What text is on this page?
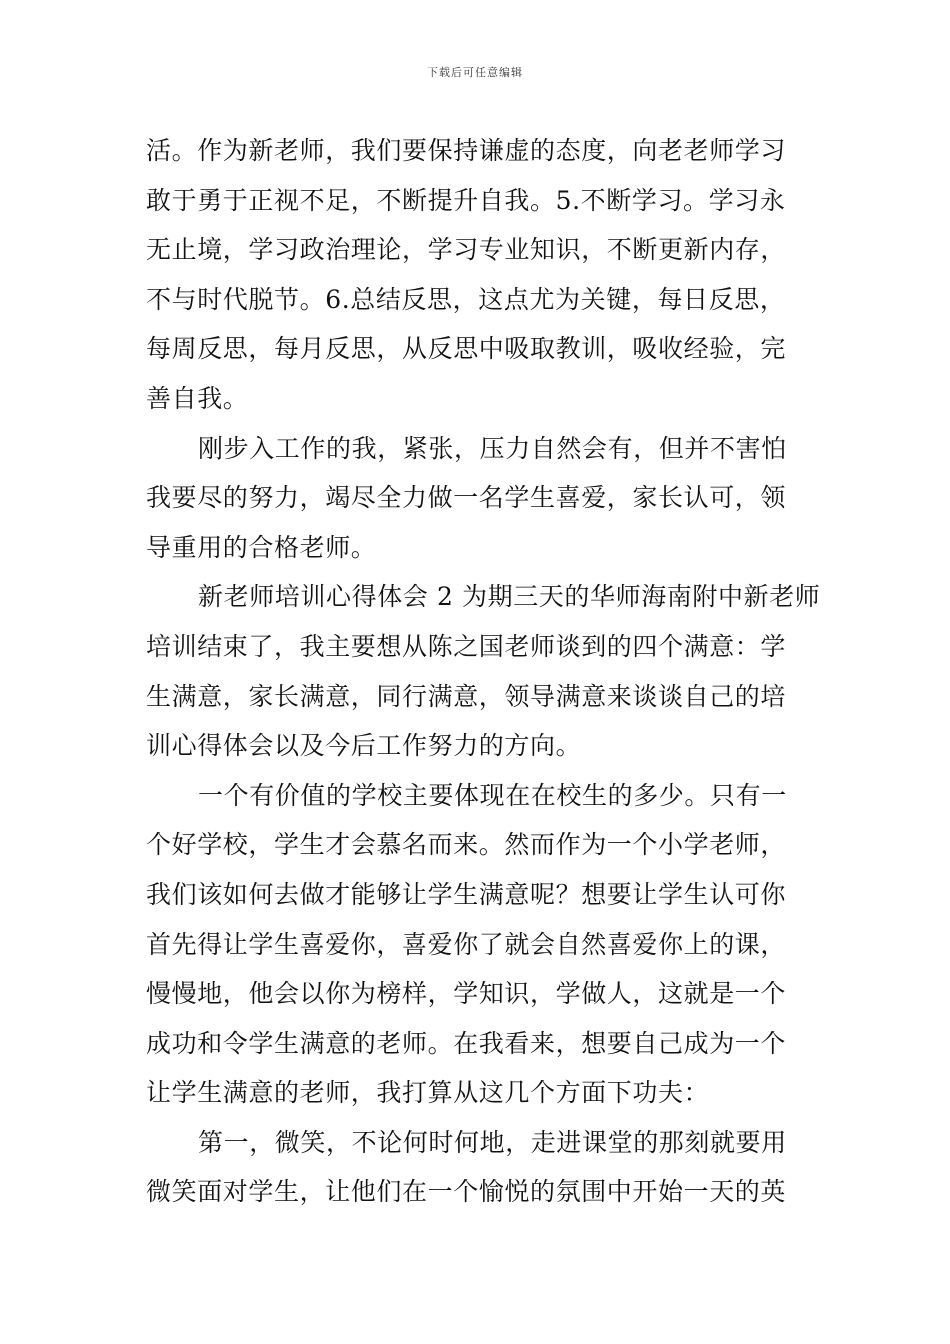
下载后可任意编辑
活。作为新老师，我们要保持谦虚的态度，向老老师学习
敢于勇于正视不足，不断提升自我。5.不断学习。学习永
无止境，学习政治理论，学习专业知识，不断更新内存，
不与时代脱节。6.总结反思，这点尤为关键，每日反思，
每周反思，每月反思，从反思中吸取教训，吸收经验，完
善自我。
刚步入工作的我，紧张，压力自然会有，但并不害怕
我要尽的努力，竭尽全力做一名学生喜爱，家长认可，领
导重用的合格老师。
新老师培训心得体会 2 为期三天的华师海南附中新老师
培训结束了，我主要想从陈之国老师谈到的四个满意：学
生满意，家长满意，同行满意，领导满意来谈谈自己的培
训心得体会以及今后工作努力的方向。
一个有价值的学校主要体现在在校生的多少。只有一
个好学校，学生才会慕名而来。然而作为一个小学老师，
我们该如何去做才能够让学生满意呢？想要让学生认可你
首先得让学生喜爱你，喜爱你了就会自然喜爱你上的课，
慢慢地，他会以你为榜样，学知识，学做人，这就是一个
成功和令学生满意的老师。在我看来，想要自己成为一个
让学生满意的老师，我打算从这几个方面下功夫：
第一，微笑，不论何时何地，走进课堂的那刻就要用
微笑面对学生，让他们在一个愉悦的氛围中开始一天的英
